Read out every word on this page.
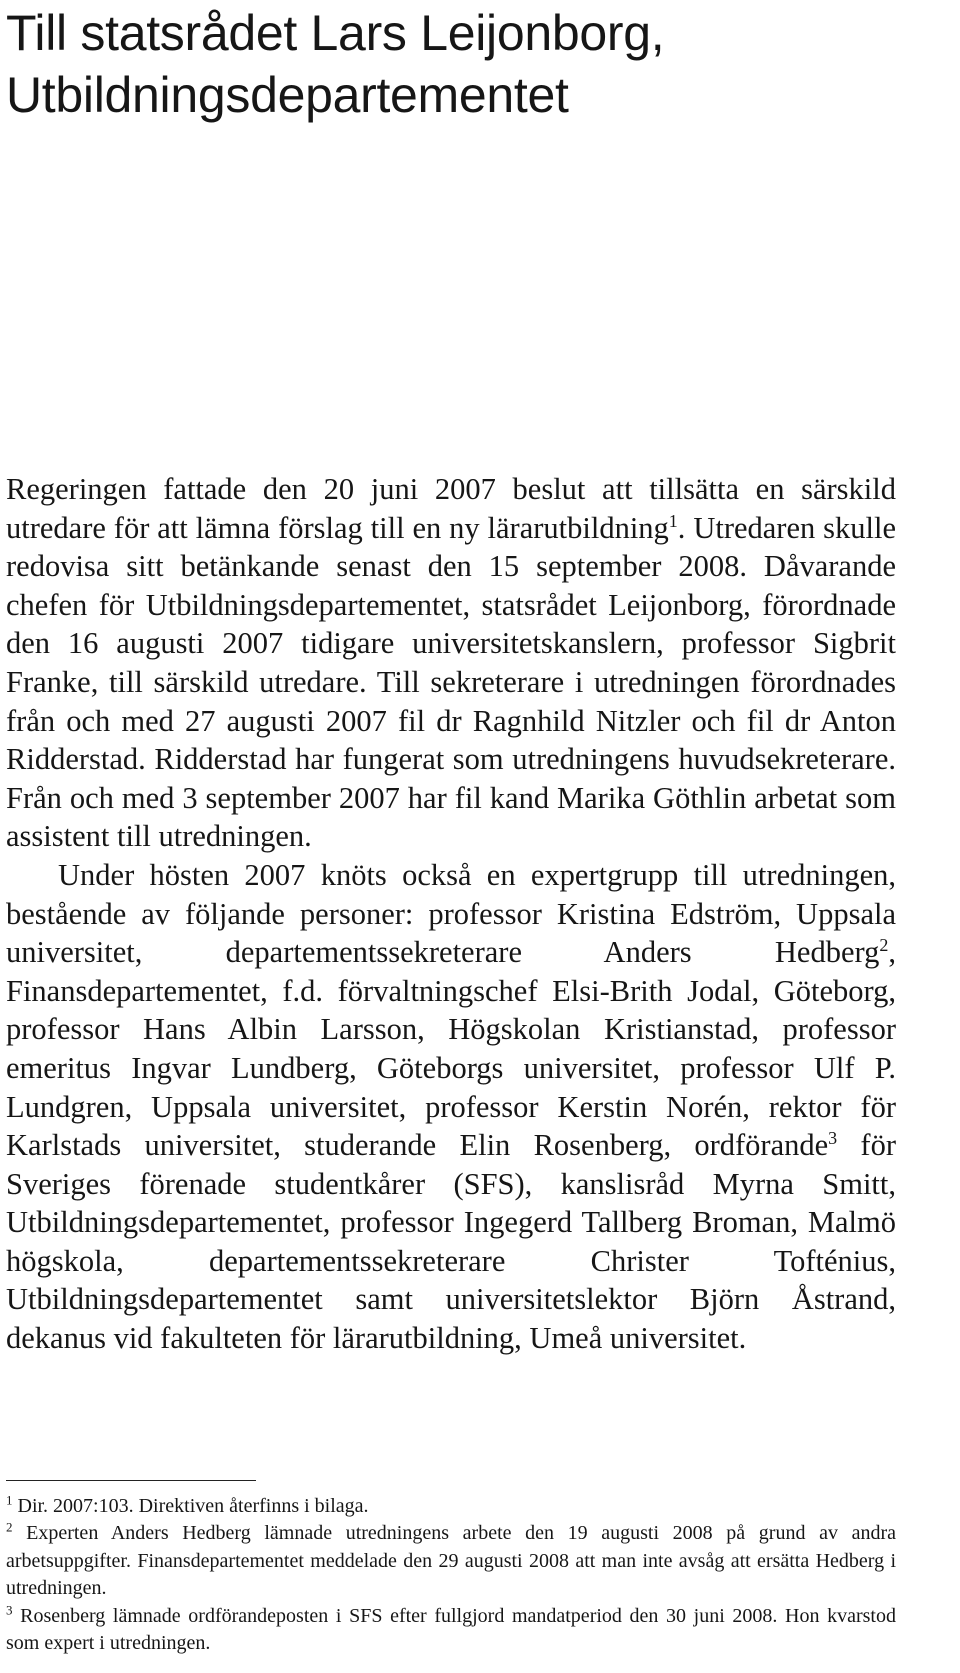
Till statsrådet Lars Leijonborg,
Utbildningsdepartementet

Regeringen fattade den 20 juni 2007 beslut att tillsätta en särskild utredare för att lämna förslag till en ny lärarutbildning$^1$. Utredaren skulle redovisa sitt betänkande senast den 15 september 2008. Dåvarande chefen för Utbildningsdepartementet, statsrådet Leijonborg, förordnade den 16 augusti 2007 tidigare universitetskanslern, professor Sigbrit Franke, till särskild utredare. Till sekreterare i utredningen förordnades från och med 27 augusti 2007 fil dr Ragnhild Nitzler och fil dr Anton Ridderstad. Ridderstad har fungerat som utredningens huvudsekreterare. Från och med 3 september 2007 har fil kand Marika Göthlin arbetat som assistent till utredningen.

Under hösten 2007 knöts också en expertgrupp till utredningen, bestående av följande personer: professor Kristina Edström, Uppsala universitet, departementssekreterare Anders Hedberg$^2$, Finansdepartementet, f.d. förvaltningschef Elsi-Brith Jodal, Göteborg, professor Hans Albin Larsson, Högskolan Kristianstad, professor emeritus Ingvar Lundberg, Göteborgs universitet, professor Ulf P. Lundgren, Uppsala universitet, professor Kerstin Norén, rektor för Karlstads universitet, studerande Elin Rosenberg, ordförande$^3$ för Sveriges förenade studentkårer (SFS), kanslisråd Myrna Smitt, Utbildningsdepartementet, professor Ingegerd Tallberg Broman, Malmö högskola, departementssekreterare Christer Tofténius, Utbildningsdepartementet samt universitetslektor Björn Åstrand, dekanus vid fakulteten för lärarutbildning, Umeå universitet.

$^1$ Dir. 2007:103. Direktiven återfinns i bilaga.

$^2$ Experten Anders Hedberg lämnade utredningens arbete den 19 augusti 2008 på grund av andra arbetsuppgifter. Finansdepartementet meddelade den 29 augusti 2008 att man inte avsåg att ersätta Hedberg i utredningen.

$^3$ Rosenberg lämnade ordförandeposten i SFS efter fullgjord mandatperiod den 30 juni 2008. Hon kvarstod som expert i utredningen.
